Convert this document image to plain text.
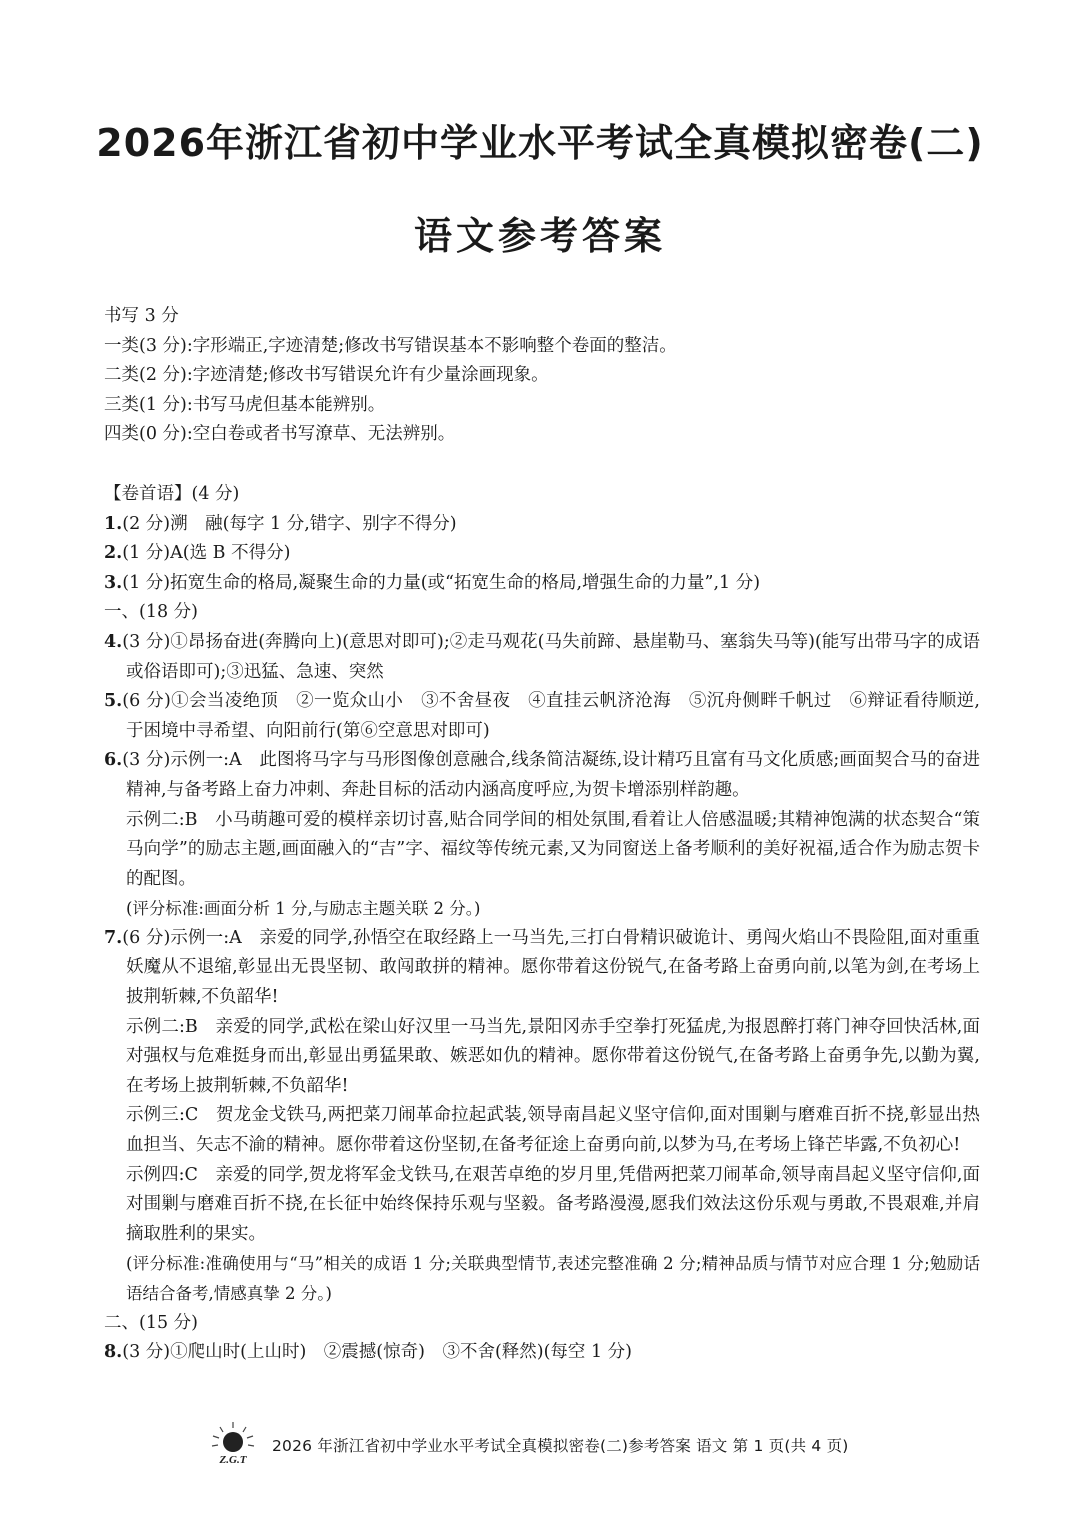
2026年浙江省初中学业水平考试全真模拟密卷(二)
语文参考答案

书写 3 分

一类(3 分):字形端正,字迹清楚;修改书写错误基本不影响整个卷面的整洁。

二类(2 分):字迹清楚;修改书写错误允许有少量涂画现象。

三类(1 分):书写马虎但基本能辨别。

四类(0 分):空白卷或者书写潦草、无法辨别。

【卷首语】(4 分)

1.(2 分)溯　融(每字 1 分,错字、别字不得分)

2.(1 分)A(选 B 不得分)

3.(1 分)拓宽生命的格局,凝聚生命的力量(或“拓宽生命的格局,增强生命的力量”,1 分)

一、(18 分)

4.(3 分)①昂扬奋进(奔腾向上)(意思对即可);②走马观花(马失前蹄、悬崖勒马、塞翁失马等)(能写出带马字的成语或俗语即可);③迅猛、急速、突然

5.(6 分)①会当凌绝顶　②一览众山小　③不舍昼夜　④直挂云帆济沧海　⑤沉舟侧畔千帆过　⑥辩证看待顺逆,于困境中寻希望、向阳前行(第⑥空意思对即可)

6.(3 分)示例一:A　此图将马字与马形图像创意融合,线条简洁凝练,设计精巧且富有马文化质感;画面契合马的奋进精神,与备考路上奋力冲刺、奔赴目标的活动内涵高度呼应,为贺卡增添别样韵趣。

示例二:B　小马萌趣可爱的模样亲切讨喜,贴合同学间的相处氛围,看着让人倍感温暖;其精神饱满的状态契合“策马向学”的励志主题,画面融入的“吉”字、福纹等传统元素,又为同窗送上备考顺利的美好祝福,适合作为励志贺卡的配图。

(评分标准:画面分析 1 分,与励志主题关联 2 分。)

7.(6 分)示例一:A　亲爱的同学,孙悟空在取经路上一马当先,三打白骨精识破诡计、勇闯火焰山不畏险阻,面对重重妖魔从不退缩,彰显出无畏坚韧、敢闯敢拼的精神。愿你带着这份锐气,在备考路上奋勇向前,以笔为剑,在考场上披荆斩棘,不负韶华!

示例二:B　亲爱的同学,武松在梁山好汉里一马当先,景阳冈赤手空拳打死猛虎,为报恩醉打蒋门神夺回快活林,面对强权与危难挺身而出,彰显出勇猛果敢、嫉恶如仇的精神。愿你带着这份锐气,在备考路上奋勇争先,以勤为翼,在考场上披荆斩棘,不负韶华!

示例三:C　贺龙金戈铁马,两把菜刀闹革命拉起武装,领导南昌起义坚守信仰,面对围剿与磨难百折不挠,彰显出热血担当、矢志不渝的精神。愿你带着这份坚韧,在备考征途上奋勇向前,以梦为马,在考场上锋芒毕露,不负初心!

示例四:C　亲爱的同学,贺龙将军金戈铁马,在艰苦卓绝的岁月里,凭借两把菜刀闹革命,领导南昌起义坚守信仰,面对围剿与磨难百折不挠,在长征中始终保持乐观与坚毅。备考路漫漫,愿我们效法这份乐观与勇敢,不畏艰难,并肩摘取胜利的果实。

(评分标准:准确使用与“马”相关的成语 1 分;关联典型情节,表述完整准确 2 分;精神品质与情节对应合理 1 分;勉励话语结合备考,情感真挚 2 分。)

二、(15 分)

8.(3 分)①爬山时(上山时)　②震撼(惊奇)　③不舍(释然)(每空 1 分)

Z.G.T
2026 年浙江省初中学业水平考试全真模拟密卷(二)参考答案 语文 第 1 页(共 4 页)
